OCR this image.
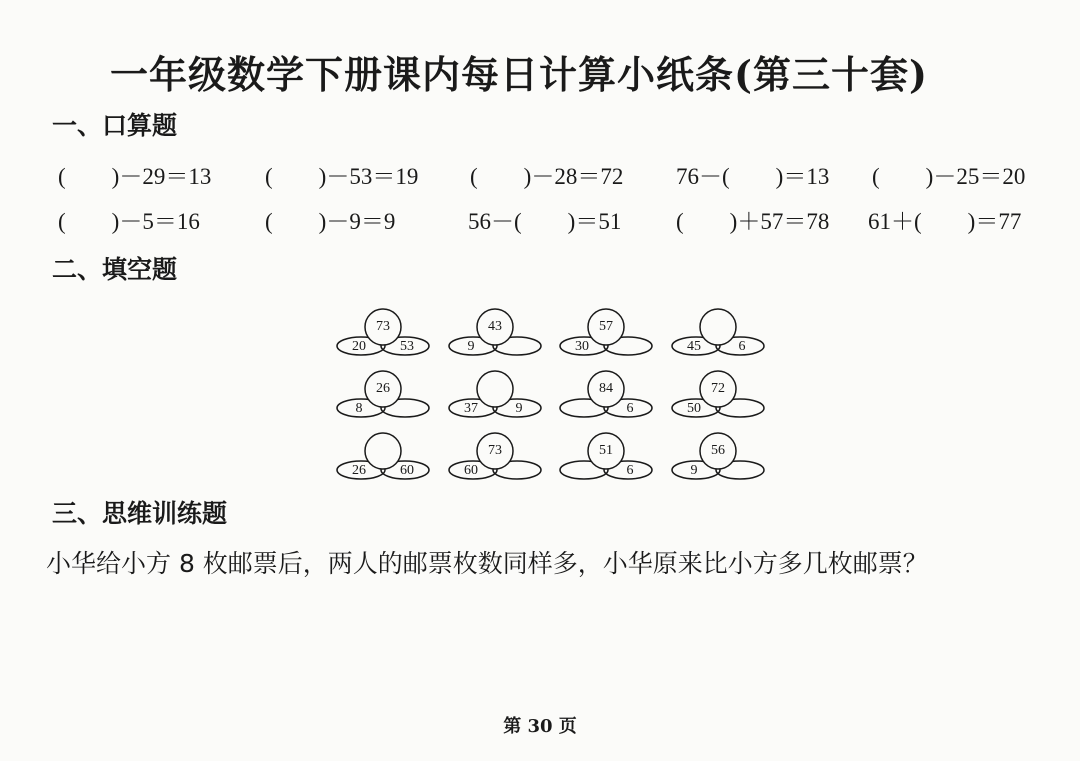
一年级数学下册课内每日计算小纸条(第三十套)
一、口算题
(　　)－29＝13 (　　)－53＝19 (　　)－28＝72 76－(　　)＝13 (　　)－25＝20
(　　)－5＝16	(　　)－9＝9	56－(　　)＝51 (　　)＋57＝78 61＋(　　)＝77
二、填空题
73
20 53
43
9
57
30	45	6
26
8	37	9
84
6
72
50
26 60
73
60
51
6
56
9
三、思维训练题
小华给小方 8 枚邮票后，两人的邮票枚数同样多，小华原来比小方多几枚邮票？
第 30 页
